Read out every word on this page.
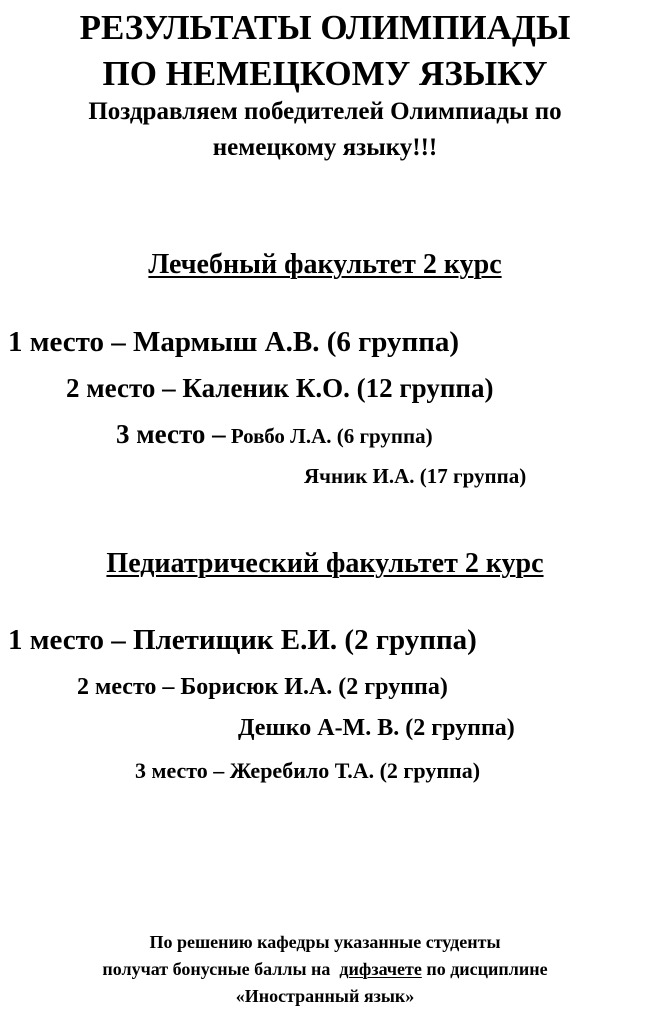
РЕЗУЛЬТАТЫ ОЛИМПИАДЫ
ПО НЕМЕЦКОМУ ЯЗЫКУ
Поздравляем победителей Олимпиады по
немецкому языку!!!
Лечебный факультет 2 курс
1 место – Мармыш А.В. (6 группа)
2 место – Каленик К.О. (12 группа)
3 место – Ровбо Л.А. (6 группа)
Ячник И.А. (17 группа)
Педиатрический факультет 2 курс
1 место – Плетищик Е.И. (2 группа)
2 место – Борисюк И.А. (2 группа)
Дешко А-М. В. (2 группа)
3 место – Жеребило Т.А. (2 группа)
По решению кафедры указанные студенты
получат бонусные баллы на  дифзачете по дисциплине
«Иностранный язык»
